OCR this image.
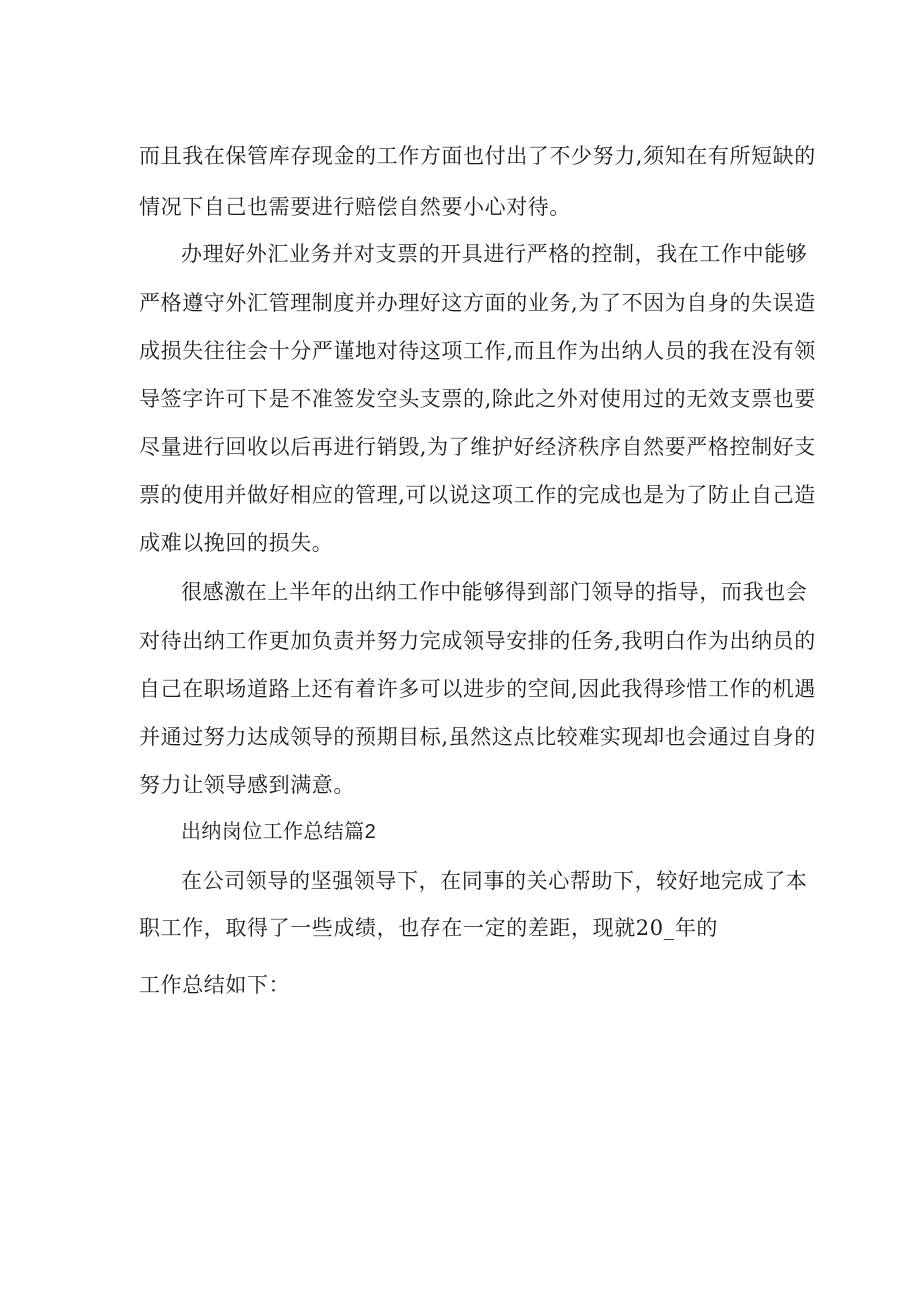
而且我在保管库存现金的工作方面也付出了不少努力,须知在有所短缺的
情况下自己也需要进行赔偿自然要小心对待。
办理好外汇业务并对支票的开具进行严格的控制，我在工作中能够
严格遵守外汇管理制度并办理好这方面的业务,为了不因为自身的失误造
成损失往往会十分严谨地对待这项工作,而且作为出纳人员的我在没有领
导签字许可下是不准签发空头支票的,除此之外对使用过的无效支票也要
尽量进行回收以后再进行销毁,为了维护好经济秩序自然要严格控制好支
票的使用并做好相应的管理,可以说这项工作的完成也是为了防止自己造
成难以挽回的损失。
很感激在上半年的出纳工作中能够得到部门领导的指导，而我也会
对待出纳工作更加负责并努力完成领导安排的任务,我明白作为出纳员的
自己在职场道路上还有着许多可以进步的空间,因此我得珍惜工作的机遇
并通过努力达成领导的预期目标,虽然这点比较难实现却也会通过自身的
努力让领导感到满意。
出纳岗位工作总结篇2
在公司领导的坚强领导下，在同事的关心帮助下，较好地完成了本
职工作，取得了一些成绩，也存在一定的差距，现就20_年的
工作总结如下：
